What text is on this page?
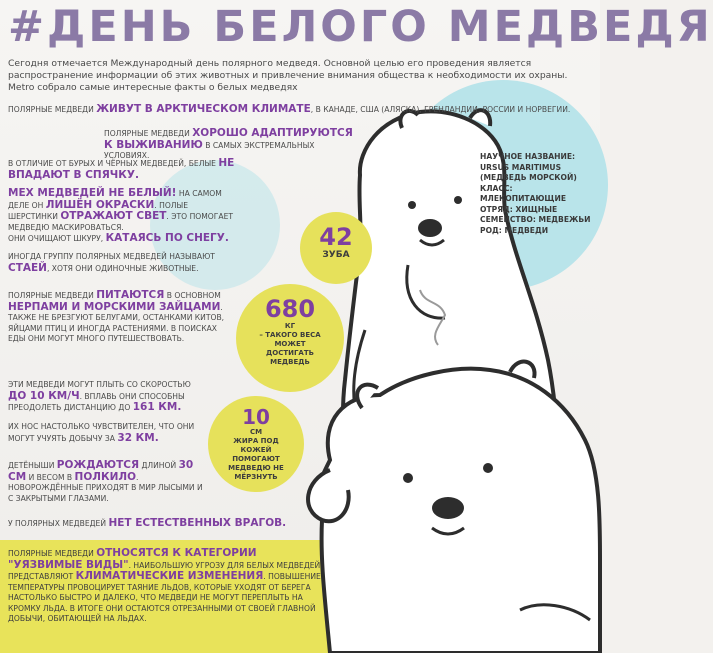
#ДЕНЬ БЕЛОГО МЕДВЕДЯ
Сегодня отмечается Международный день полярного медведя. Основной целью его проведения является распространение информации об этих животных и привлечение внимания общества к необходимости их охраны. Metro собрало самые интересные факты о белых медведях
ПОЛЯРНЫЕ МЕДВЕДИ ЖИВУТ В АРКТИЧЕСКОМ КЛИМАТЕ, В КАНАДЕ, США (АЛЯСКА), ГРЕНЛАНДИИ, РОССИИ И НОРВЕГИИ.
ПОЛЯРНЫЕ МЕДВЕДИ ХОРОШО АДАПТИРУЮТСЯ К ВЫЖИВАНИЮ В САМЫХ ЭКСТРЕМАЛЬНЫХ УСЛОВИЯХ.
В ОТЛИЧИЕ ОТ БУРЫХ И ЧЁРНЫХ МЕДВЕДЕЙ, БЕЛЫЕ НЕ ВПАДАЮТ В СПЯЧКУ.
МЕХ МЕДВЕДЕЙ НЕ БЕЛЫЙ! НА САМОМ ДЕЛЕ ОН ЛИШЁН ОКРАСКИ. ПОЛЫЕ ШЕРСТИНКИ ОТРАЖАЮТ СВЕТ. ЭТО ПОМОГАЕТ МЕДВЕДЮ МАСКИРОВАТЬСЯ.
ОНИ ОЧИЩАЮТ ШКУРУ, КАТАЯСЬ ПО СНЕГУ.
ИНОГДА ГРУППУ ПОЛЯРНЫХ МЕДВЕДЕЙ НАЗЫВАЮТ СТАЕЙ, ХОТЯ ОНИ ОДИНОЧНЫЕ ЖИВОТНЫЕ.
ПОЛЯРНЫЕ МЕДВЕДИ ПИТАЮТСЯ В ОСНОВНОМ НЕРПАМИ И МОРСКИМИ ЗАЙЦАМИ. ТАКЖЕ НЕ БРЕЗГУЮТ БЕЛУГАМИ, ОСТАНКАМИ КИТОВ, ЯЙЦАМИ ПТИЦ И ИНОГДА РАСТЕНИЯМИ. В ПОИСКАХ ЕДЫ ОНИ МОГУТ МНОГО ПУТЕШЕСТВОВАТЬ.
ЭТИ МЕДВЕДИ МОГУТ ПЛЫТЬ СО СКОРОСТЬЮ ДО 10 КМ/Ч. ВПЛАВЬ ОНИ СПОСОБНЫ ПРЕОДОЛЕТЬ ДИСТАНЦИЮ ДО 161 КМ.
ИХ НОС НАСТОЛЬКО ЧУВСТВИТЕЛЕН, ЧТО ОНИ МОГУТ УЧУЯТЬ ДОБЫЧУ ЗА 32 КМ.
ДЕТЁНЫШИ РОЖДАЮТСЯ ДЛИНОЙ 30 СМ И ВЕСОМ В ПОЛКИЛО. НОВОРОЖДЁННЫЕ ПРИХОДЯТ В МИР ЛЫСЫМИ И С ЗАКРЫТЫМИ ГЛАЗАМИ.
У ПОЛЯРНЫХ МЕДВЕДЕЙ НЕТ ЕСТЕСТВЕННЫХ ВРАГОВ.
ПОЛЯРНЫЕ МЕДВЕДИ ОТНОСЯТСЯ К КАТЕГОРИИ "УЯЗВИМЫЕ ВИДЫ". НАИБОЛЬШУЮ УГРОЗУ ДЛЯ БЕЛЫХ МЕДВЕДЕЙ ПРЕДСТАВЛЯЮТ КЛИМАТИЧЕСКИЕ ИЗМЕНЕНИЯ. ПОВЫШЕНИЕ ТЕМПЕРАТУРЫ ПРОВОЦИРУЕТ ТАЯНИЕ ЛЬДОВ, КОТОРЫЕ УХОДЯТ ОТ БЕРЕГА НАСТОЛЬКО БЫСТРО И ДАЛЕКО, ЧТО МЕДВЕДИ НЕ МОГУТ ПЕРЕПЛЫТЬ НА КРОМКУ ЛЬДА. В ИТОГЕ ОНИ ОСТАЮТСЯ ОТРЕЗАННЫМИ ОТ СВОЕЙ ГЛАВНОЙ ДОБЫЧИ, ОБИТАЮЩЕЙ НА ЛЬДАХ.
42
ЗУБА
680
КГ
– ТАКОГО ВЕСА МОЖЕТ ДОСТИГАТЬ МЕДВЕДЬ
10
СМ
ЖИРА ПОД КОЖЕЙ ПОМОГАЮТ МЕДВЕДЮ НЕ МЁРЗНУТЬ
НАУЧНОЕ НАЗВАНИЕ:
URSUS MARITIMUS (МЕДВЕДЬ МОРСКОЙ)
КЛАСС: МЛЕКОПИТАЮЩИЕ
ОТРЯД: ХИЩНЫЕ
СЕМЕЙСТВО: МЕДВЕЖЬИ
РОД: МЕДВЕДИ
